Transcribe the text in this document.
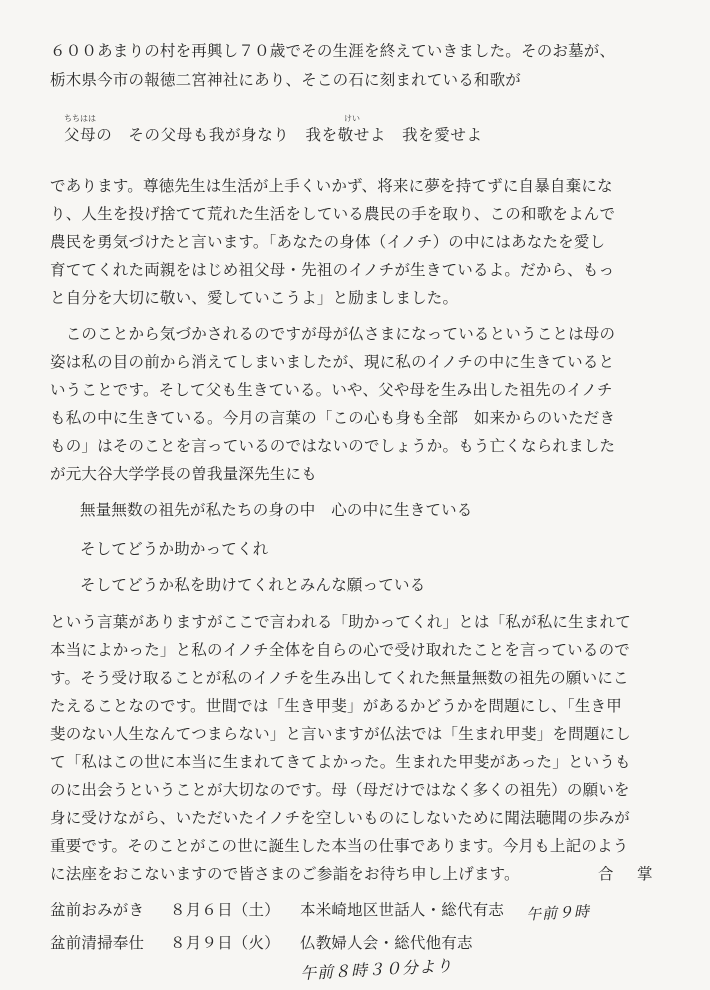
６００あまりの村を再興し７０歳でその生涯を終えていきました。そのお墓が、
栃木県今市の報徳二宮神社にあり、そこの石に刻まれている和歌が
ちちはは	けい
父母の　その父母も我が身なり　我を敬せよ　我を愛せよ
であります。尊徳先生は生活が上手くいかず、将来に夢を持てずに自暴自棄にな
り、人生を投げ捨てて荒れた生活をしている農民の手を取り、この和歌をよんで
農民を勇気づけたと言います。「あなたの身体（イノチ）の中にはあなたを愛し
育ててくれた両親をはじめ祖父母・先祖のイノチが生きているよ。だから、もっ
と自分を大切に敬い、愛していこうよ」と励ましました。
　このことから気づかされるのですが母が仏さまになっているということは母の
姿は私の目の前から消えてしまいましたが、現に私のイノチの中に生きていると
いうことです。そして父も生きている。いや、父や母を生み出した祖先のイノチ
も私の中に生きている。今月の言葉の「この心も身も全部　如来からのいただき
もの」はそのことを言っているのではないのでしょうか。もう亡くなられました
が元大谷大学学長の曽我量深先生にも
無量無数の祖先が私たちの身の中　心の中に生きている
そしてどうか助かってくれ
そしてどうか私を助けてくれとみんな願っている
という言葉がありますがここで言われる「助かってくれ」とは「私が私に生まれて
本当によかった」と私のイノチ全体を自らの心で受け取れたことを言っているので
す。そう受け取ることが私のイノチを生み出してくれた無量無数の祖先の願いにこ
たえることなのです。世間では「生き甲斐」があるかどうかを問題にし、「生き甲
斐のない人生なんてつまらない」と言いますが仏法では「生まれ甲斐」を問題にし
て「私はこの世に本当に生まれてきてよかった。生まれた甲斐があった」というも
のに出会うということが大切なのです。母（母だけではなく多くの祖先）の願いを
身に受けながら、いただいたイノチを空しいものにしないために聞法聴聞の歩みが
重要です。そのことがこの世に誕生した本当の仕事であります。今月も上記のよう
に法座をおこないますので皆さまのご参詣をお待ち申し上げます。	合　掌
盆前おみがき ８月６日（土） 本米崎地区世話人・総代有志
盆前清掃奉仕 ８月９日（火） 仏教婦人会・総代他有志
午前９時
午前８時３０分より
